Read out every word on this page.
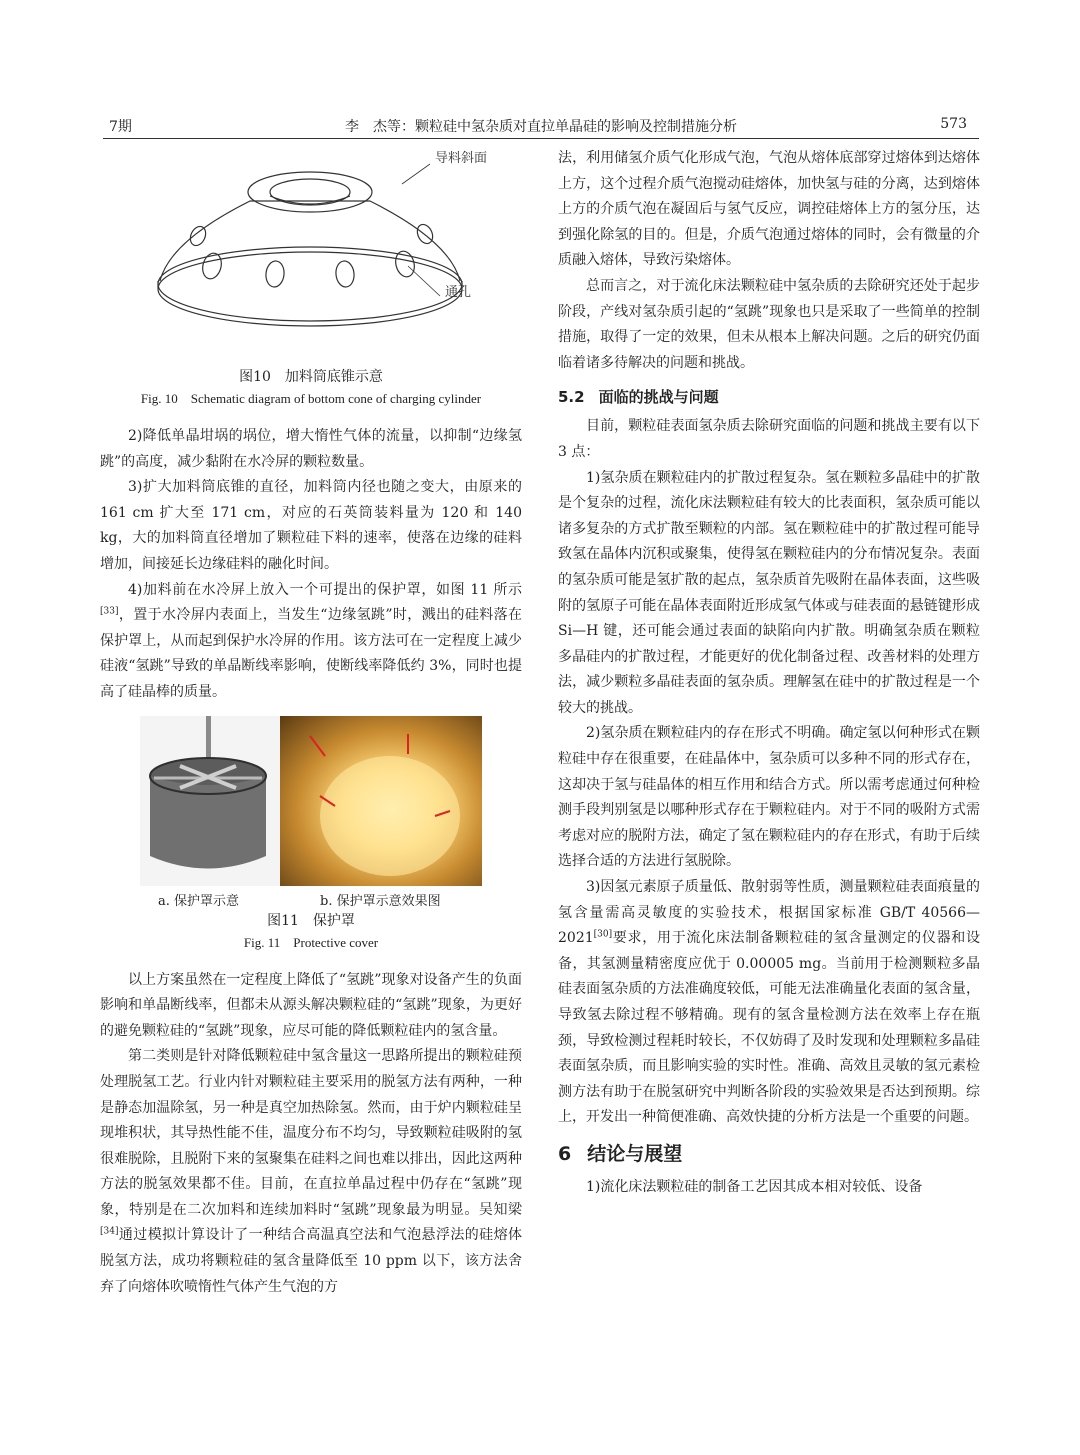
7期	李　杰等：颗粒硅中氢杂质对直拉单晶硅的影响及控制措施分析	573
导料斜面
通孔
图10　加料筒底锥示意
Fig. 10　Schematic diagram of bottom cone of charging cylinder

2)降低单晶坩埚的埚位，增大惰性气体的流量，以抑制“边缘氢跳”的高度，减少黏附在水冷屏的颗粒数量。

3)扩大加料筒底锥的直径，加料筒内径也随之变大，由原来的 161 cm 扩大至 171 cm，对应的石英筒装料量为 120 和 140 kg，大的加料筒直径增加了颗粒硅下料的速率，使落在边缘的硅料增加，间接延长边缘硅料的融化时间。

4)加料前在水冷屏上放入一个可提出的保护罩，如图 11 所示[33]，置于水冷屏内表面上，当发生“边缘氢跳”时，溅出的硅料落在保护罩上，从而起到保护水冷屏的作用。该方法可在一定程度上减少硅液“氢跳”导致的单晶断线率影响，使断线率降低约 3%，同时也提高了硅晶棒的质量。

a. 保护罩示意	b. 保护罩示意效果图
图11　保护罩
Fig. 11　Protective cover

以上方案虽然在一定程度上降低了“氢跳”现象对设备产生的负面影响和单晶断线率，但都未从源头解决颗粒硅的“氢跳”现象，为更好的避免颗粒硅的“氢跳”现象，应尽可能的降低颗粒硅内的氢含量。

第二类则是针对降低颗粒硅中氢含量这一思路所提出的颗粒硅预处理脱氢工艺。行业内针对颗粒硅主要采用的脱氢方法有两种，一种是静态加温除氢，另一种是真空加热除氢。然而，由于炉内颗粒硅呈现堆积状，其导热性能不佳，温度分布不均匀，导致颗粒硅吸附的氢很难脱除，且脱附下来的氢聚集在硅料之间也难以排出，因此这两种方法的脱氢效果都不佳。目前，在直拉单晶过程中仍存在“氢跳”现象，特别是在二次加料和连续加料时“氢跳”现象最为明显。吴知梁[34]通过模拟计算设计了一种结合高温真空法和气泡悬浮法的硅熔体脱氢方法，成功将颗粒硅的氢含量降低至 10 ppm 以下，该方法舍弃了向熔体吹喷惰性气体产生气泡的方

法，利用储氢介质气化形成气泡，气泡从熔体底部穿过熔体到达熔体上方，这个过程介质气泡搅动硅熔体，加快氢与硅的分离，达到熔体上方的介质气泡在凝固后与氢气反应，调控硅熔体上方的氢分压，达到强化除氢的目的。但是，介质气泡通过熔体的同时，会有微量的介质融入熔体，导致污染熔体。

总而言之，对于流化床法颗粒硅中氢杂质的去除研究还处于起步阶段，产线对氢杂质引起的“氢跳”现象也只是采取了一些简单的控制措施，取得了一定的效果，但未从根本上解决问题。之后的研究仍面临着诸多待解决的问题和挑战。

5.2 面临的挑战与问题

目前，颗粒硅表面氢杂质去除研究面临的问题和挑战主要有以下 3 点：

1)氢杂质在颗粒硅内的扩散过程复杂。氢在颗粒多晶硅中的扩散是个复杂的过程，流化床法颗粒硅有较大的比表面积，氢杂质可能以诸多复杂的方式扩散至颗粒的内部。氢在颗粒硅中的扩散过程可能导致氢在晶体内沉积或聚集，使得氢在颗粒硅内的分布情况复杂。表面的氢杂质可能是氢扩散的起点，氢杂质首先吸附在晶体表面，这些吸附的氢原子可能在晶体表面附近形成氢气体或与硅表面的悬链键形成 Si—H 键，还可能会通过表面的缺陷向内扩散。明确氢杂质在颗粒多晶硅内的扩散过程，才能更好的优化制备过程、改善材料的处理方法，减少颗粒多晶硅表面的氢杂质。理解氢在硅中的扩散过程是一个较大的挑战。

2)氢杂质在颗粒硅内的存在形式不明确。确定氢以何种形式在颗粒硅中存在很重要，在硅晶体中，氢杂质可以多种不同的形式存在，这却决于氢与硅晶体的相互作用和结合方式。所以需考虑通过何种检测手段判别氢是以哪种形式存在于颗粒硅内。对于不同的吸附方式需考虑对应的脱附方法，确定了氢在颗粒硅内的存在形式，有助于后续选择合适的方法进行氢脱除。

3)因氢元素原子质量低、散射弱等性质，测量颗粒硅表面痕量的氢含量需高灵敏度的实验技术，根据国家标准 GB/T 40566—2021[30]要求，用于流化床法制备颗粒硅的氢含量测定的仪器和设备，其氢测量精密度应优于 0.00005 mg。当前用于检测颗粒多晶硅表面氢杂质的方法准确度较低，可能无法准确量化表面的氢含量，导致氢去除过程不够精确。现有的氢含量检测方法在效率上存在瓶颈，导致检测过程耗时较长，不仅妨碍了及时发现和处理颗粒多晶硅表面氢杂质，而且影响实验的实时性。准确、高效且灵敏的氢元素检测方法有助于在脱氢研究中判断各阶段的实验效果是否达到预期。综上，开发出一种简便准确、高效快捷的分析方法是一个重要的问题。

6 结论与展望

1)流化床法颗粒硅的制备工艺因其成本相对较低、设备
